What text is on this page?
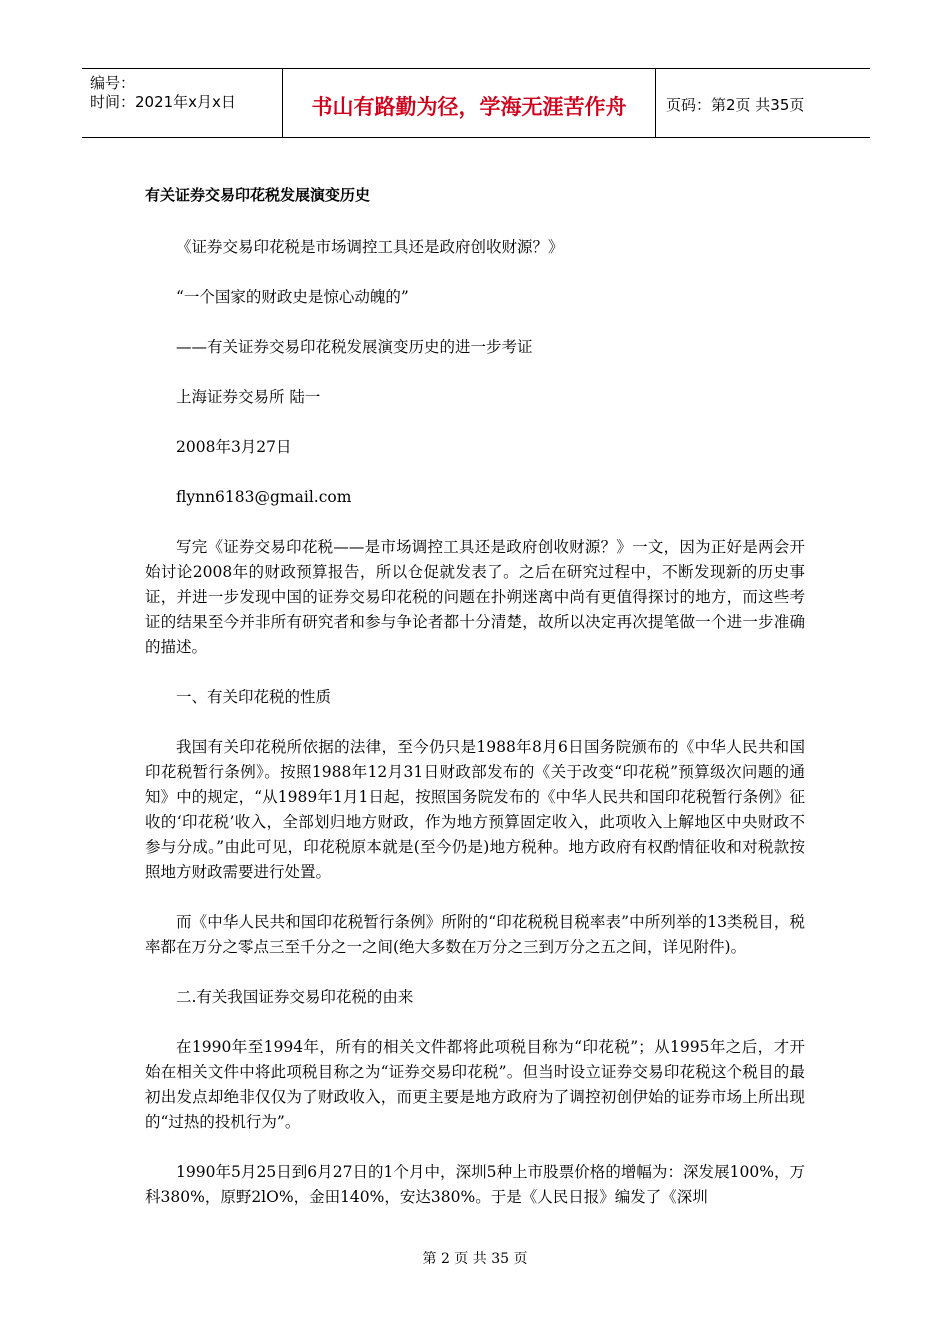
编号：
时间：2021年x月x日	书山有路勤为径，学海无涯苦作舟	页码：第2页 共35页
有关证券交易印花税发展演变历史

《证券交易印花税是市场调控工具还是政府创收财源？》

“一个国家的财政史是惊心动魄的”

——有关证券交易印花税发展演变历史的进一步考证

上海证券交易所 陆一

2008年3月27日

flynn6183@gmail.com

写完《证券交易印花税——是市场调控工具还是政府创收财源？》一文，因为正好是两会开始讨论2008年的财政预算报告，所以仓促就发表了。之后在研究过程中，不断发现新的历史事证，并进一步发现中国的证券交易印花税的问题在扑朔迷离中尚有更值得探讨的地方，而这些考证的结果至今并非所有研究者和参与争论者都十分清楚，故所以决定再次提笔做一个进一步准确的描述。

一、有关印花税的性质

我国有关印花税所依据的法律，至今仍只是1988年8月6日国务院颁布的《中华人民共和国印花税暂行条例》。按照1988年12月31日财政部发布的《关于改变“印花税”预算级次问题的通知》中的规定，“从1989年1月1日起，按照国务院发布的《中华人民共和国印花税暂行条例》征收的‘印花税’收入，全部划归地方财政，作为地方预算固定收入，此项收入上解地区中央财政不参与分成。”由此可见，印花税原本就是(至今仍是)地方税种。地方政府有权酌情征收和对税款按照地方财政需要进行处置。

而《中华人民共和国印花税暂行条例》所附的“印花税税目税率表”中所列举的13类税目，税率都在万分之零点三至千分之一之间(绝大多数在万分之三到万分之五之间，详见附件)。

二.有关我国证券交易印花税的由来

在1990年至1994年，所有的相关文件都将此项税目称为“印花税”；从1995年之后，才开始在相关文件中将此项税目称之为“证券交易印花税”。但当时设立证券交易印花税这个税目的最初出发点却绝非仅仅为了财政收入，而更主要是地方政府为了调控初创伊始的证券市场上所出现的“过热的投机行为”。

1990年5月25日到6月27日的1个月中，深圳5种上市股票价格的增幅为：深发展100%，万科380%，原野2lO%，金田140%，安达380%。于是《人民日报》编发了《深圳

第 2 页 共 35 页
